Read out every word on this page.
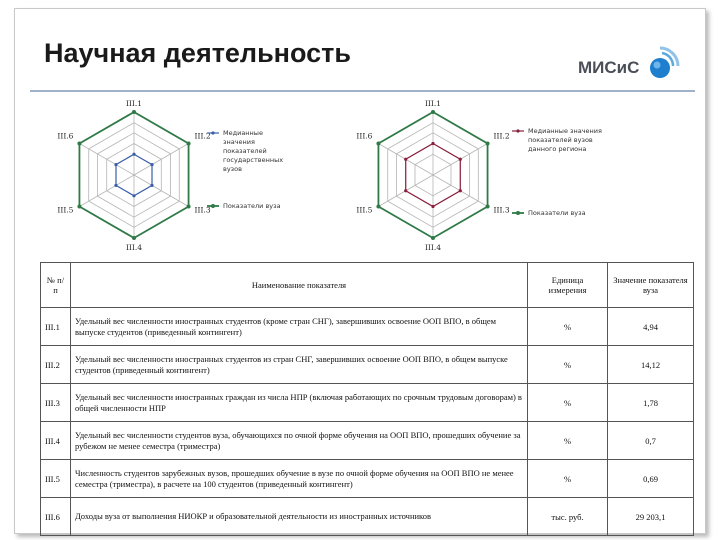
Научная деятельность	МИСиС
III.1
III.2
III.3
III.4
III.5
III.6	Медианные значения показателей государственных вузов
Показатели вуза
III.1
III.2
III.3
III.4
III.5
III.6
Медианные значения показателей вузов данного региона
Показатели вуза
№ п/п	Наименование показателя	Единица измерения	Значение показателя вуза
III.1	Удельный вес численности иностранных студентов (кроме стран СНГ), завершивших освоение ООП ВПО, в общем выпуске студентов (приведенный контингент)	%	4,94
III.2	Удельный вес численности иностранных студентов из стран СНГ, завершивших освоение ООП ВПО, в общем выпуске студентов (приведенный контингент)	%	14,12
III.3	Удельный вес численности иностранных граждан из числа НПР (включая работающих по срочным трудовым договорам) в общей численности НПР	%	1,78
III.4	Удельный вес численности студентов вуза, обучающихся по очной форме обучения на ООП ВПО, прошедших обучение за рубежом не менее семестра (триместра)	%	0,7
III.5	Численность студентов зарубежных вузов, прошедших обучение в вузе по очной форме обучения на ООП ВПО не менее семестра (триместра), в расчете на 100 студентов (приведенный контингент)	%	0,69
III.6	Доходы вуза от выполнения НИОКР и образовательной деятельности из иностранных источников	тыс. руб.	29 203,1
